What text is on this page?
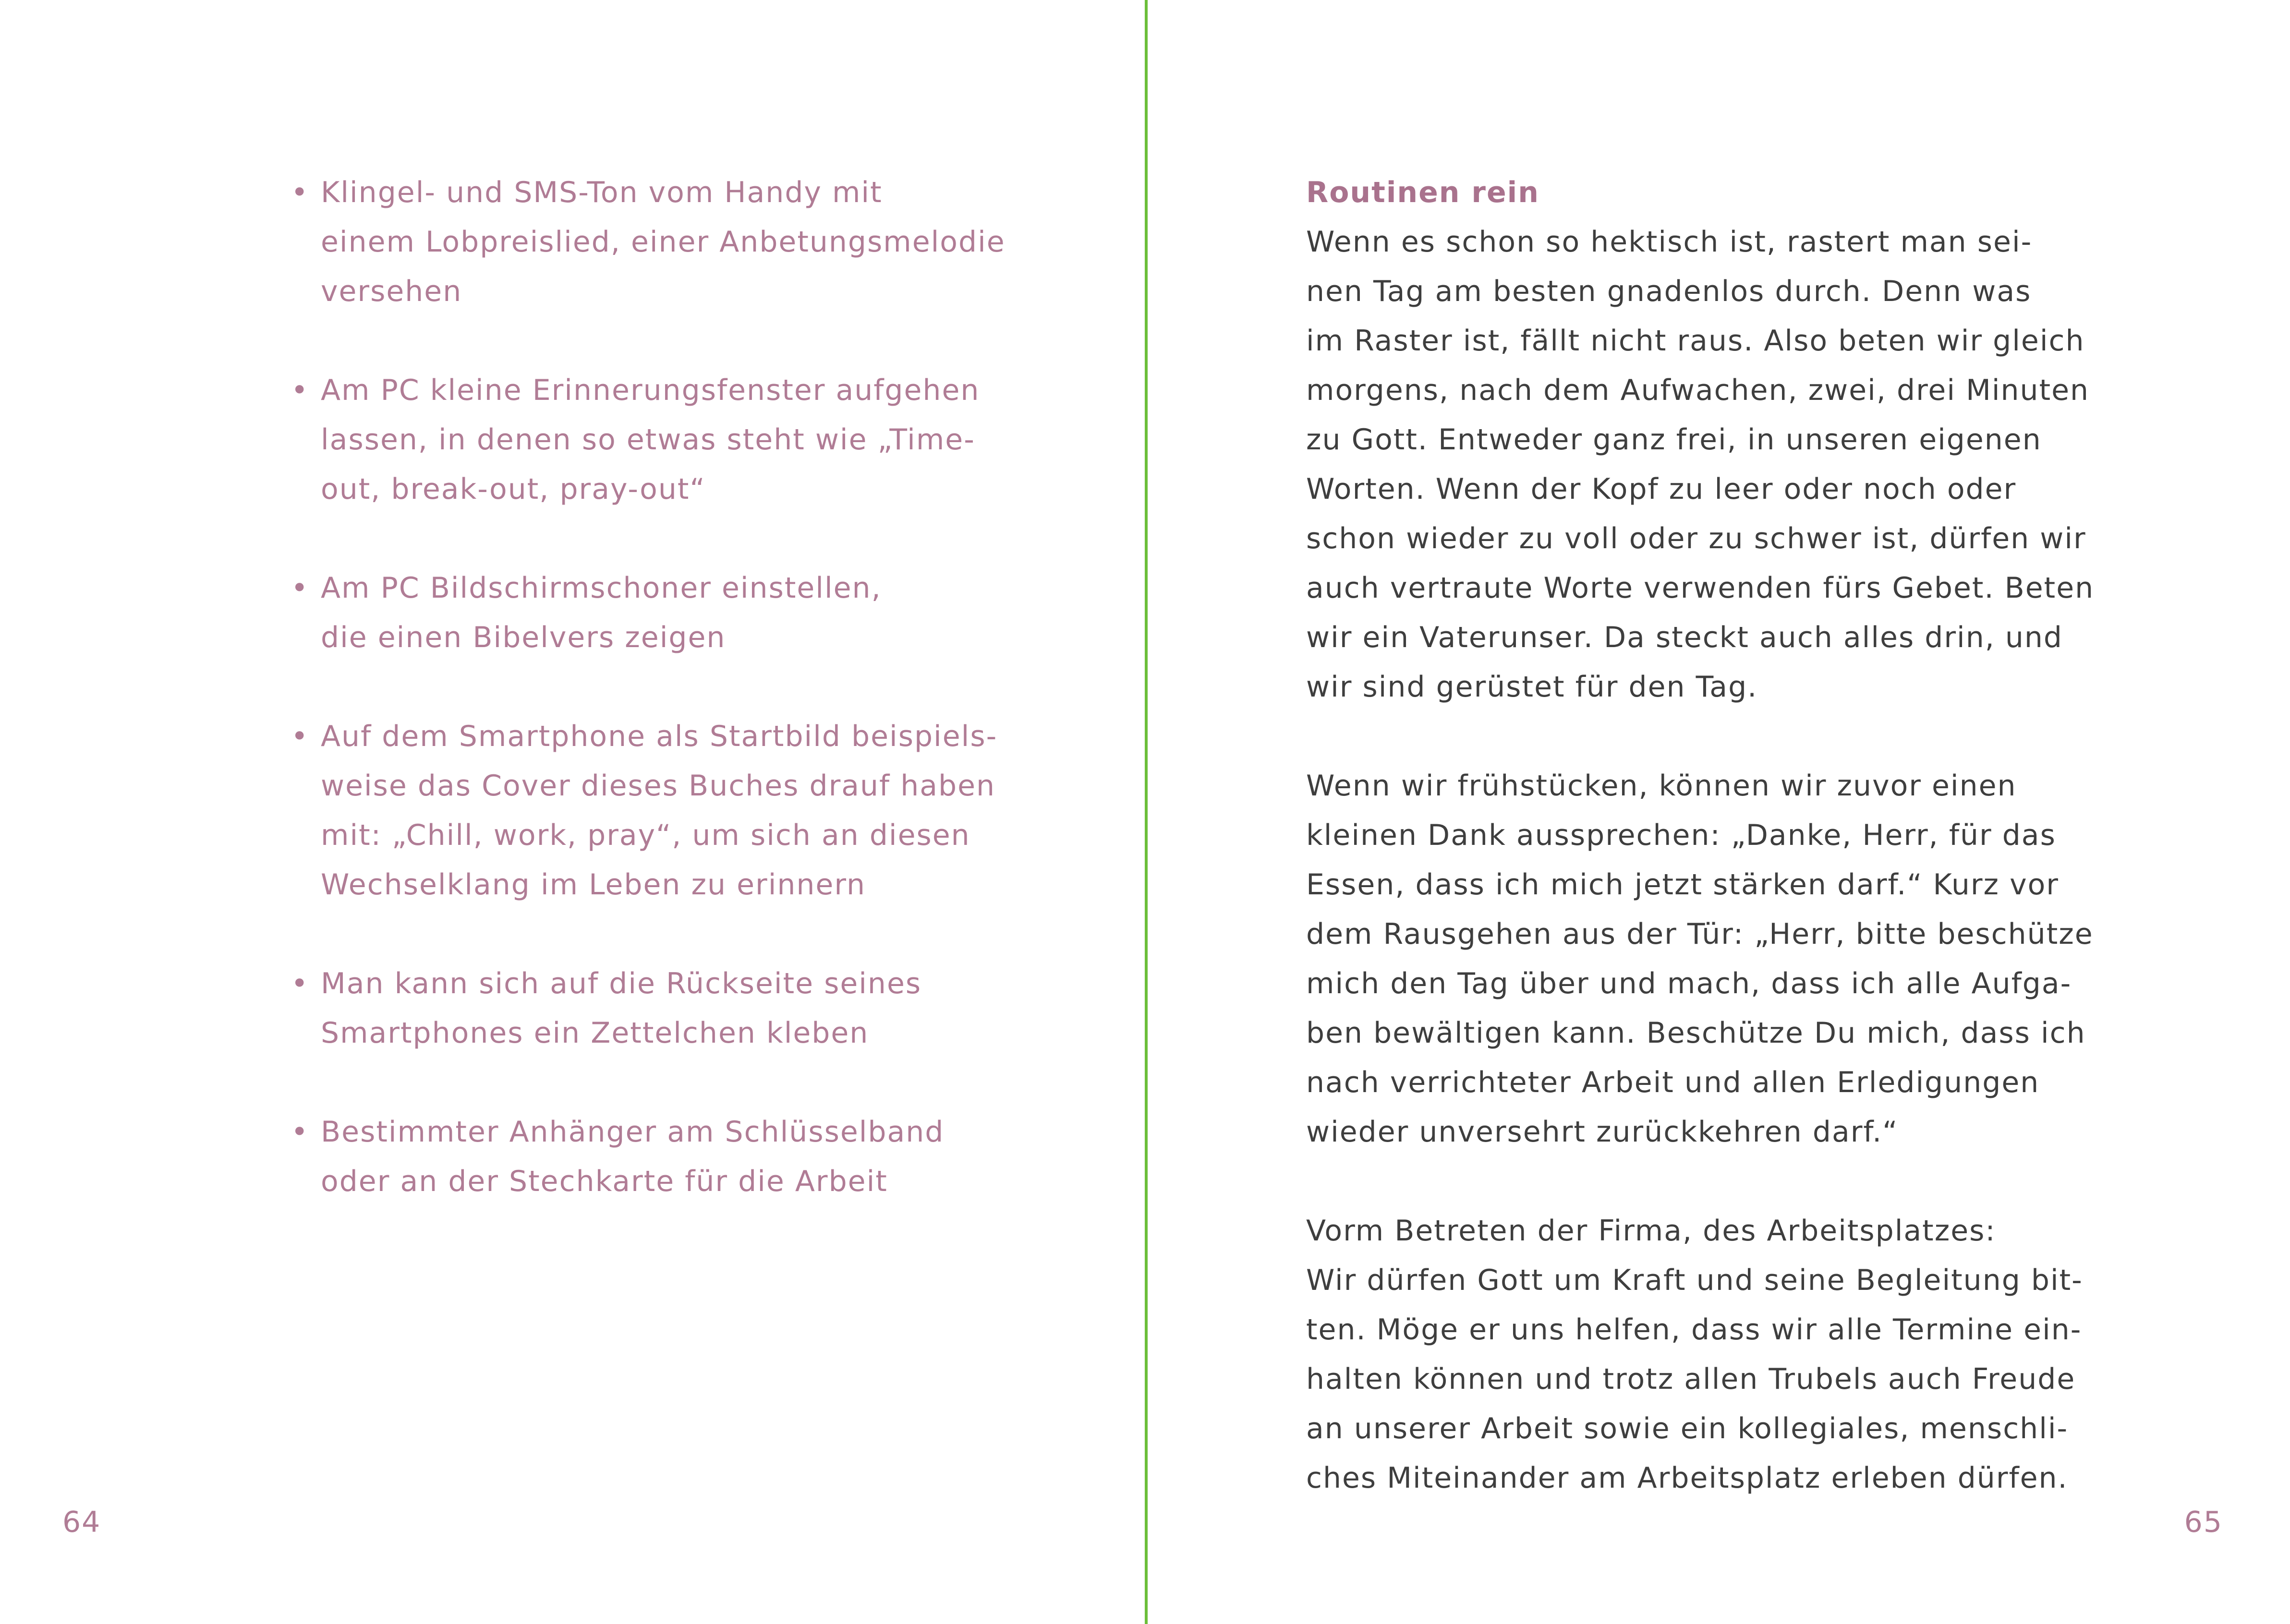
• Klingel- und SMS-Ton vom Handy mit
einem Lobpreislied, einer Anbetungsmelodie
versehen
• Am PC kleine Erinnerungsfenster aufgehen
lassen, in denen so etwas steht wie „Time-
out, break-out, pray-out“
• Am PC Bildschirmschoner einstellen,
die einen Bibelvers zeigen
• Auf dem Smartphone als Startbild beispiels-
weise das Cover dieses Buches drauf haben
mit: „Chill, work, pray“, um sich an diesen
Wechselklang im Leben zu erinnern
• Man kann sich auf die Rückseite seines
Smartphones ein Zettelchen kleben
• Bestimmter Anhänger am Schlüsselband
oder an der Stechkarte für die Arbeit
64
Routinen rein

Wenn es schon so hektisch ist, rastert man sei-
nen Tag am besten gnadenlos durch. Denn was
im Raster ist, fällt nicht raus. Also beten wir gleich
morgens, nach dem Aufwachen, zwei, drei Minuten
zu Gott. Entweder ganz frei, in unseren eigenen
Worten. Wenn der Kopf zu leer oder noch oder
schon wieder zu voll oder zu schwer ist, dürfen wir
auch vertraute Worte verwenden fürs Gebet. Beten
wir ein Vaterunser. Da steckt auch alles drin, und
wir sind gerüstet für den Tag.

Wenn wir frühstücken, können wir zuvor einen
kleinen Dank aussprechen: „Danke, Herr, für das
Essen, dass ich mich jetzt stärken darf.“ Kurz vor
dem Rausgehen aus der Tür: „Herr, bitte beschütze
mich den Tag über und mach, dass ich alle Aufga-
ben bewältigen kann. Beschütze Du mich, dass ich
nach verrichteter Arbeit und allen Erledigungen
wieder unversehrt zurückkehren darf.“

Vorm Betreten der Firma, des Arbeitsplatzes:
Wir dürfen Gott um Kraft und seine Begleitung bit-
ten. Möge er uns helfen, dass wir alle Termine ein-
halten können und trotz allen Trubels auch Freude
an unserer Arbeit sowie ein kollegiales, menschli-
ches Miteinander am Arbeitsplatz erleben dürfen.

65
